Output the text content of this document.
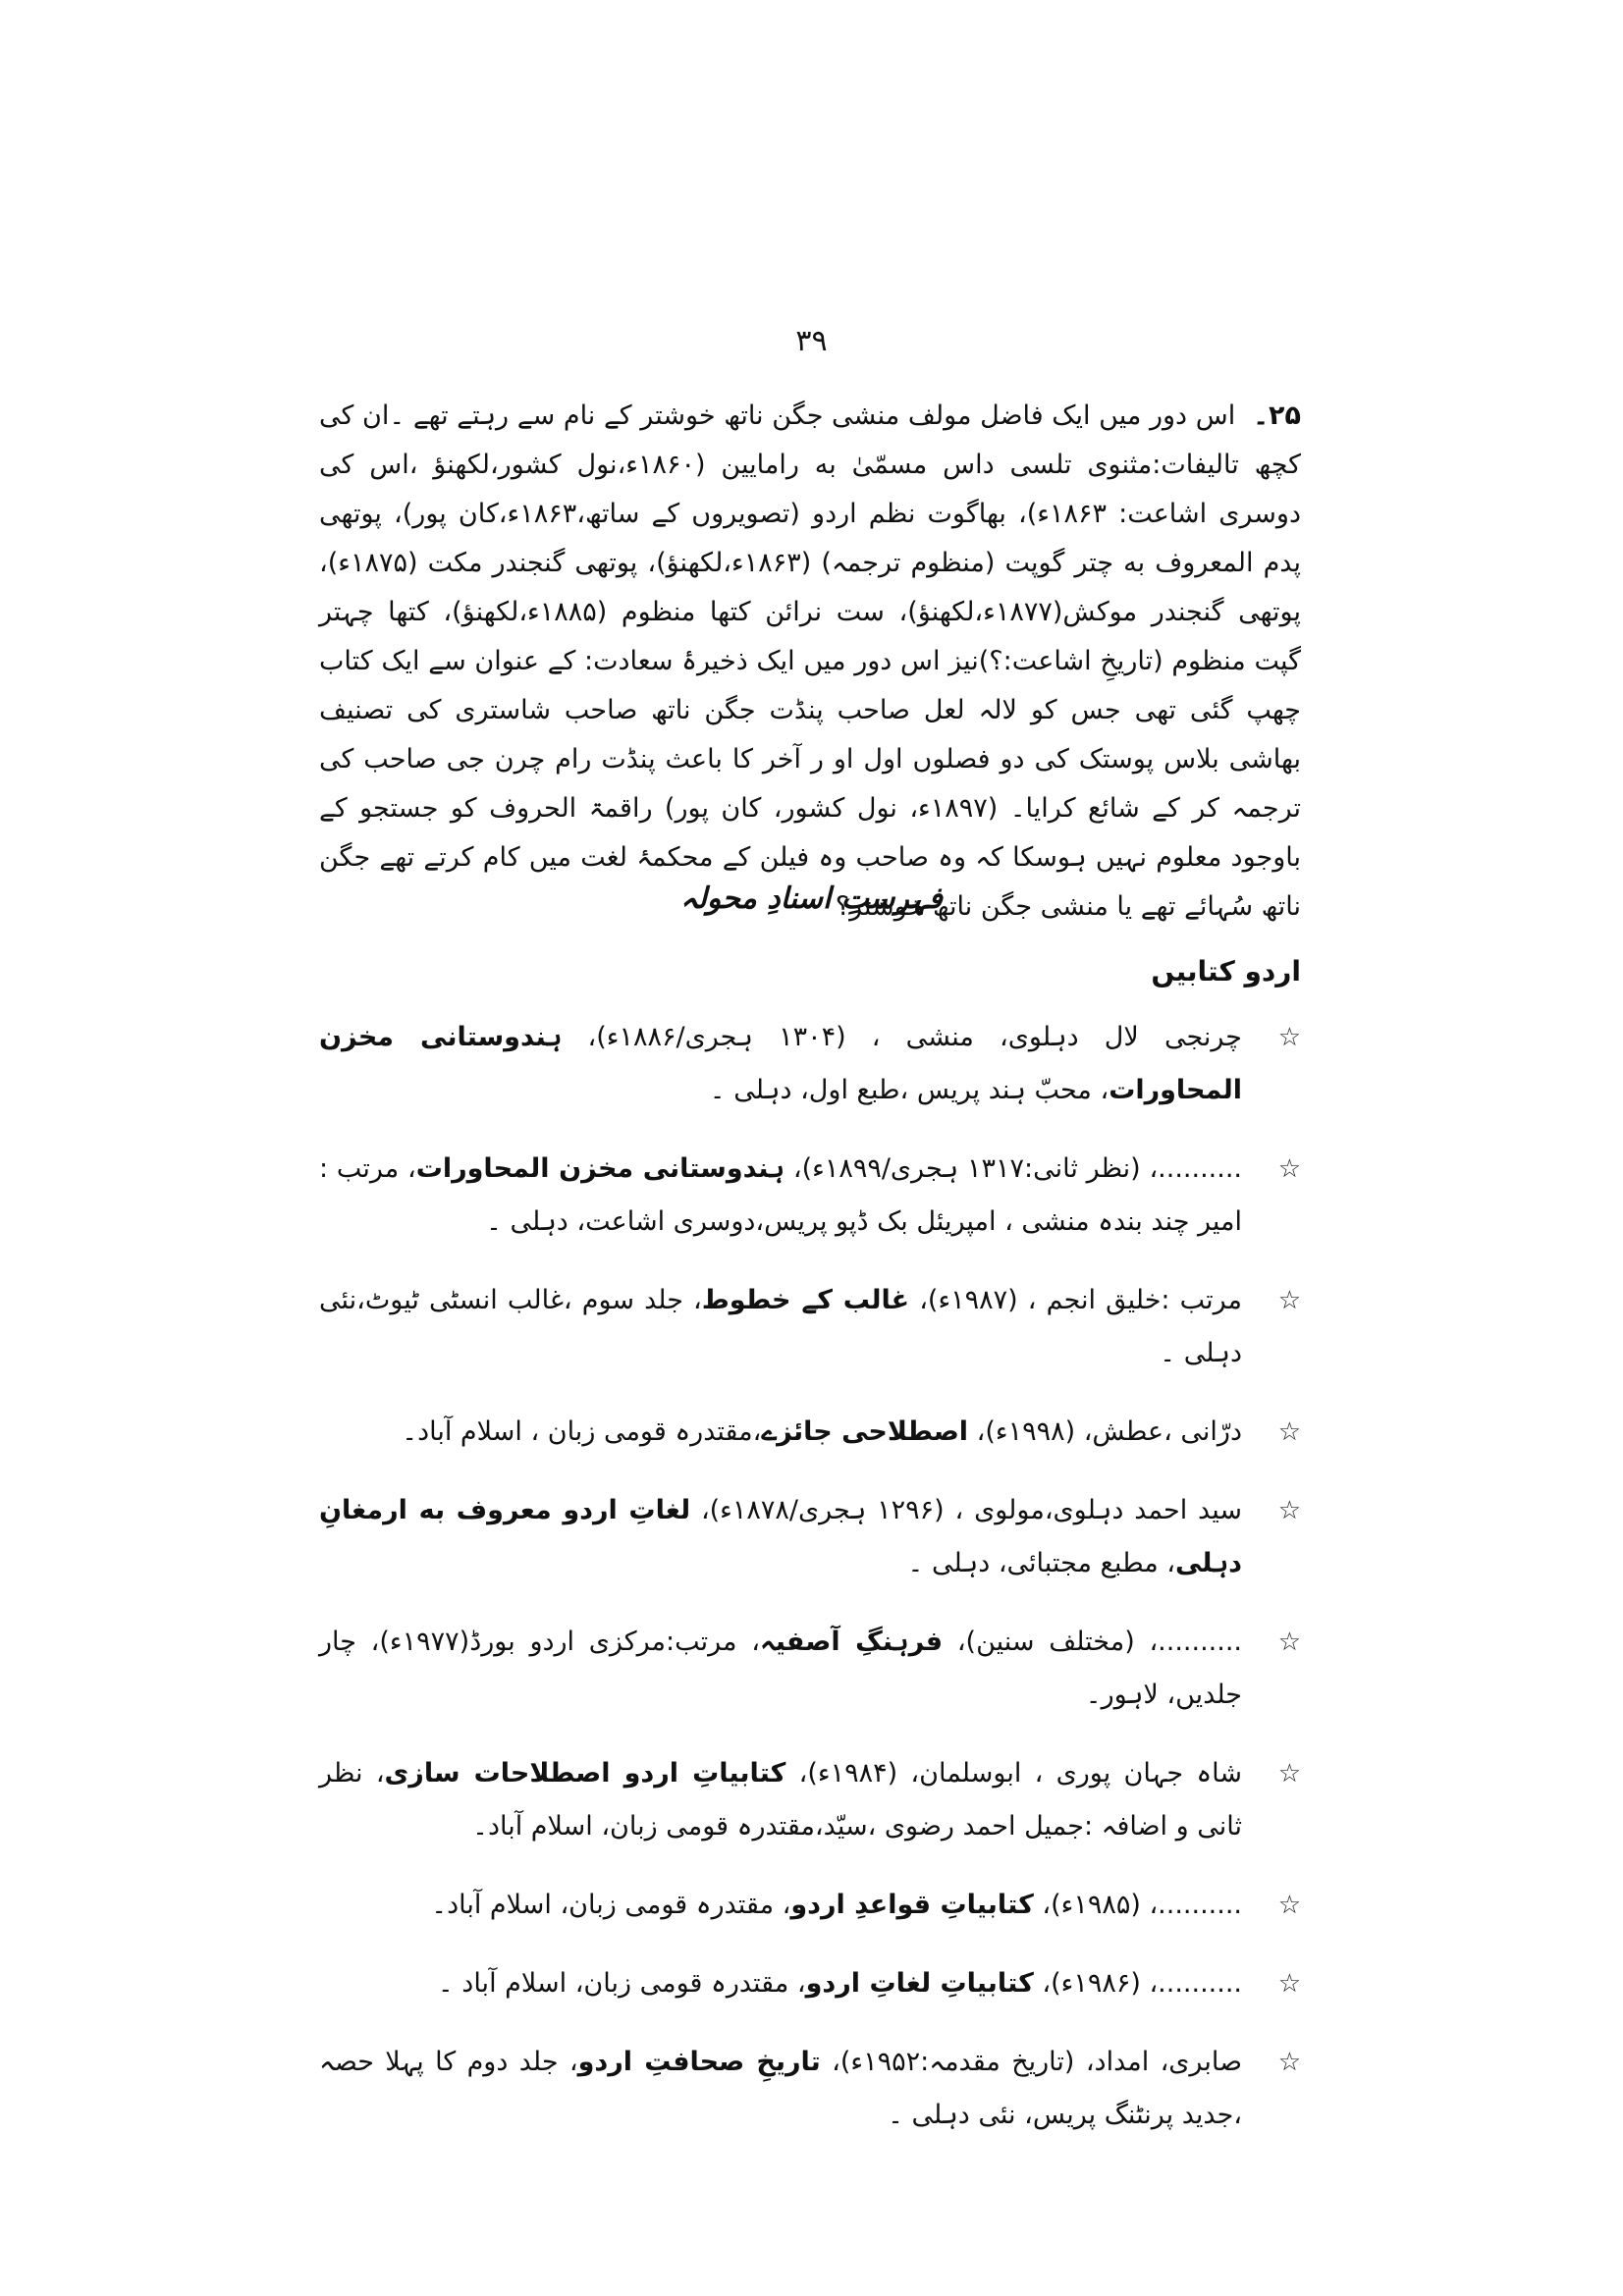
۳۹

۲۵۔اس دور میں ایک فاضل مولف منشی جگن ناتھ خوشتر کے نام سے رہتے تھے ۔ان کی کچھ تالیفات:مثنوی تلسی داس مسمّیٰ به رامایین (۱۸۶۰ء،نول کشور،لکھنؤ ،اس کی دوسری اشاعت: ۱۸۶۳ء)، بھاگوت نظم اردو (تصویروں کے ساتھ،۱۸۶۳ء،کان پور)، پوتھی پدم المعروف به چتر گوپت (منظوم ترجمہ) (۱۸۶۳ء،لکھنؤ)، پوتھی گنجندر مکت (۱۸۷۵ء)، پوتھی گنجندر موکش(۱۸۷۷ء،لکھنؤ)، ست نرائن کتھا منظوم (۱۸۸۵ء،لکھنؤ)، کتھا چہتر گپت منظوم (تاریخِ اشاعت:؟)نیز اس دور میں ایک ذخیرۂ سعادت: کے عنوان سے ایک کتاب چھپ گئی تھی جس کو لالہ لعل صاحب پنڈت جگن ناتھ صاحب شاستری کی تصنیف بھاشی بلاس پوستک کی دو فصلوں اول او ر آخر کا باعث پنڈت رام چرن جی صاحب کی ترجمہ کر کے شائع کرایا۔ (۱۸۹۷ء، نول کشور، کان پور) راقمۃ الحروف کو جستجو کے باوجود معلوم نہیں ہوسکا کہ وہ صاحب وہ فیلن کے محکمۂ لغت میں کام کرتے تھے جگن ناتھ سُہائے تھے یا منشی جگن ناتھ خوشتر؟

فہرستِ اسنادِ محولہ
اردو کتابیں
☆
چرنجی لال دہلوی، منشی ، (۱۳۰۴ ہجری/۱۸۸۶ء)، ہندوستانی مخزن المحاورات، محبّ ہند پریس ،طبع اول، دہلی ۔
☆
..........، (نظر ثانی:۱۳۱۷ ہجری/۱۸۹۹ء)، ہندوستانی مخزن المحاورات، مرتب : امیر چند بندہ منشی ، امپریئل بک ڈپو پریس،دوسری اشاعت، دہلی ۔
☆
مرتب :خلیق انجم ، (۱۹۸۷ء)، غالب کے خطوط، جلد سوم ،غالب انسٹی ٹیوٹ،نئی دہلی ۔
☆
درّانی ،عطش، (۱۹۹۸ء)، اصطلاحی جائزے،مقتدرہ قومی زبان ، اسلام آباد۔
☆
سید احمد دہلوی،مولوی ، (۱۲۹۶ ہجری/۱۸۷۸ء)، لغاتِ اردو معروف به ارمغانِ دہلی، مطبع مجتبائی، دہلی ۔
☆
..........، (مختلف سنین)، فرہنگِ آصفیہ، مرتب:مرکزی اردو بورڈ(۱۹۷۷ء)، چار جلدیں، لاہور۔
☆
شاہ جہان پوری ، ابوسلمان، (۱۹۸۴ء)، کتابیاتِ اردو اصطلاحات سازی، نظر ثانی و اضافہ :جمیل احمد رضوی ،سیّد،مقتدرہ قومی زبان، اسلام آباد۔
☆
..........، (۱۹۸۵ء)، کتابیاتِ قواعدِ اردو، مقتدرہ قومی زبان، اسلام آباد۔
☆
..........، (۱۹۸۶ء)، کتابیاتِ لغاتِ اردو، مقتدرہ قومی زبان، اسلام آباد ۔
☆
صابری، امداد، (تاریخ مقدمہ:۱۹۵۲ء)، تاریخِ صحافتِ اردو، جلد دوم کا پہلا حصہ ،جدید پرنٹنگ پریس، نئی دہلی ۔
